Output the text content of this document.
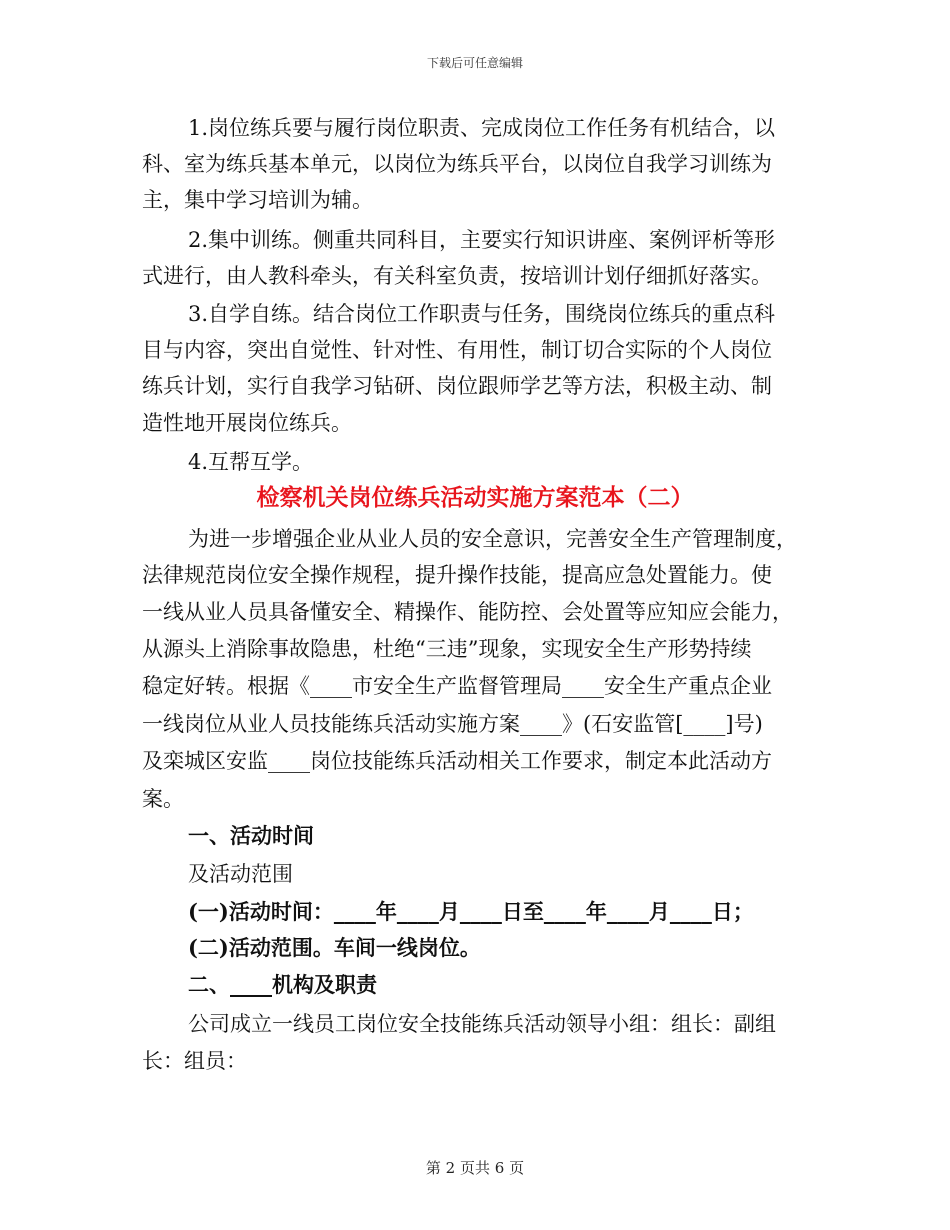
下载后可任意编辑
1.岗位练兵要与履行岗位职责、完成岗位工作任务有机结合，以
科、室为练兵基本单元，以岗位为练兵平台，以岗位自我学习训练为
主，集中学习培训为辅。
2.集中训练。侧重共同科目，主要实行知识讲座、案例评析等形
式进行，由人教科牵头，有关科室负责，按培训计划仔细抓好落实。
3.自学自练。结合岗位工作职责与任务，围绕岗位练兵的重点科
目与内容，突出自觉性、针对性、有用性，制订切合实际的个人岗位
练兵计划，实行自我学习钻研、岗位跟师学艺等方法，积极主动、制
造性地开展岗位练兵。
4.互帮互学。
检察机关岗位练兵活动实施方案范本（二）
为进一步增强企业从业人员的安全意识，完善安全生产管理制度，
法律规范岗位安全操作规程，提升操作技能，提高应急处置能力。使
一线从业人员具备懂安全、精操作、能防控、会处置等应知应会能力，
从源头上消除事故隐患，杜绝“三违”现象，实现安全生产形势持续
稳定好转。根据《____市安全生产监督管理局____安全生产重点企业
一线岗位从业人员技能练兵活动实施方案____》(石安监管[____]号)
及栾城区安监____岗位技能练兵活动相关工作要求，制定本此活动方
案。
一、活动时间
及活动范围
(一)活动时间：____年____月____日至____年____月____日；
(二)活动范围。车间一线岗位。
二、____机构及职责
公司成立一线员工岗位安全技能练兵活动领导小组：组长：副组
长：组员：
第 2 页共 6 页
